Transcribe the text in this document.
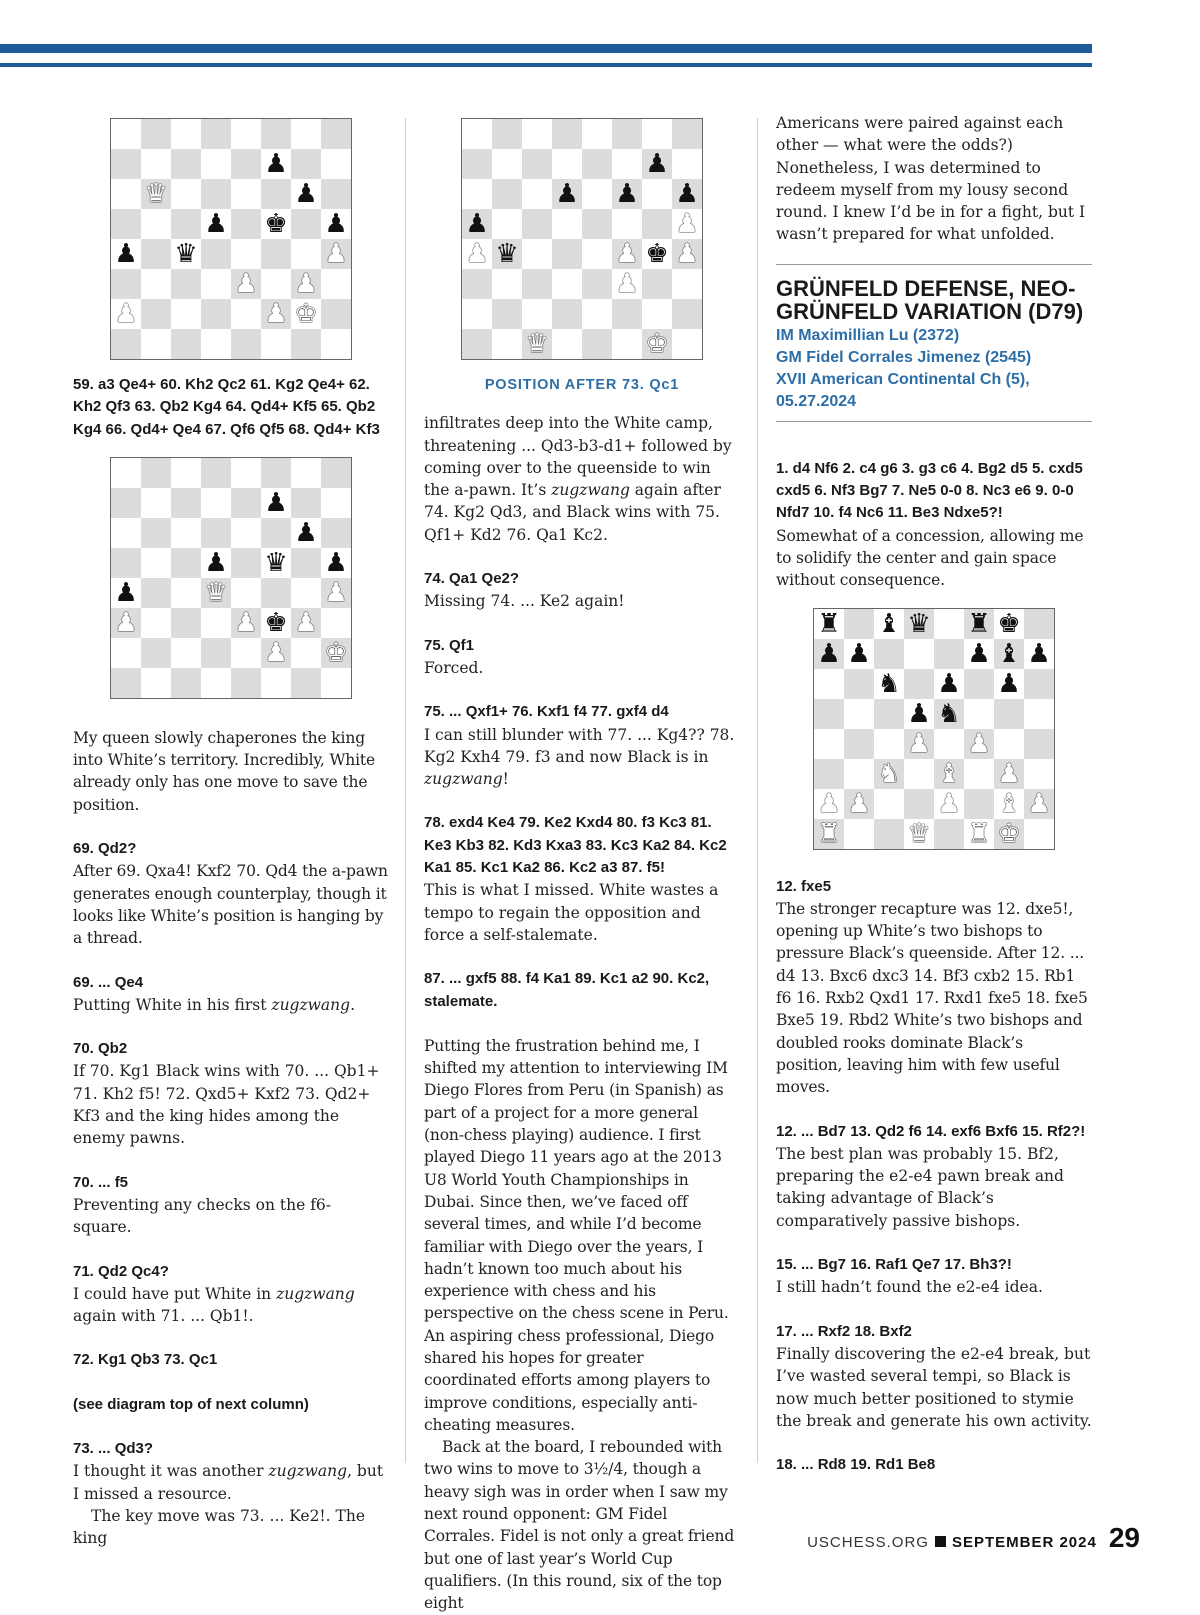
♟
♛	♟
♟ ♚ ♟
♟ ♛	♟
♟ ♟
♟	♟ ♚

59. a3 Qe4+ 60. Kh2 Qc2 61. Kg2 Qe4+ 62. Kh2 Qf3 63. Qb2 Kg4 64. Qd4+ Kf5 65. Qb2 Kg4 66. Qd4+ Qe4 67. Qf6 Qf5 68. Qd4+ Kf3

♟
♟
♟ ♛ ♟
♟	♛	♟
♟	♟ ♚ ♟
♟ ♚

My queen slowly chaperones the king into White’s territory. Incredibly, White already only has one move to save the position.

69. Qd2?

After 69. Qxa4! Kxf2 70. Qd4 the a-pawn generates enough counterplay, though it looks like White’s position is hanging by a thread.

69. ... Qe4

Putting White in his first zugzwang.

70. Qb2

If 70. Kg1 Black wins with 70. ... Qb1+ 71. Kh2 f5! 72. Qxd5+ Kxf2 73. Qd2+ Kf3 and the king hides among the enemy pawns.

70. ... f5

Preventing any checks on the f6-square.

71. Qd2 Qc4?

I could have put White in zugzwang again with 71. ... Qb1!.

72. Kg1 Qb3 73. Qc1

(see diagram top of next column)

73. ... Qd3?

I thought it was another zugzwang, but I missed a resource.

The key move was 73. ... Ke2!. The king

♟
♟ ♟ ♟
♟	♟
♟ ♛	♟ ♚ ♟
♟
♛	♚

POSITION AFTER 73. Qc1

infiltrates deep into the White camp, threatening ... Qd3-b3-d1+ followed by coming over to the queenside to win the a-pawn. It’s zugzwang again after 74. Kg2 Qd3, and Black wins with 75. Qf1+ Kd2 76. Qa1 Kc2.

74. Qa1 Qe2?

Missing 74. ... Ke2 again!

75. Qf1

Forced.

75. ... Qxf1+ 76. Kxf1 f4 77. gxf4 d4

I can still blunder with 77. ... Kg4?? 78. Kg2 Kxh4 79. f3 and now Black is in zugzwang!

78. exd4 Ke4 79. Ke2 Kxd4 80. f3 Kc3 81. Ke3 Kb3 82. Kd3 Kxa3 83. Kc3 Ka2 84. Kc2 Ka1 85. Kc1 Ka2 86. Kc2 a3 87. f5!

This is what I missed. White wastes a tempo to regain the opposition and force a self-stalemate.

87. ... gxf5 88. f4 Ka1 89. Kc1 a2 90. Kc2, stalemate.

Putting the frustration behind me, I shifted my attention to interviewing IM Diego Flores from Peru (in Spanish) as part of a project for a more general (non-chess playing) audience. I first played Diego 11 years ago at the 2013 U8 World Youth Championships in Dubai. Since then, we’ve faced off several times, and while I’d become familiar with Diego over the years, I hadn’t known too much about his experience with chess and his perspective on the chess scene in Peru. An aspiring chess professional, Diego shared his hopes for greater coordinated efforts among players to improve conditions, especially anti-cheating measures.

Back at the board, I rebounded with two wins to move to 3½/4, though a heavy sigh was in order when I saw my next round opponent: GM Fidel Corrales. Fidel is not only a great friend but one of last year’s World Cup qualifiers. (In this round, six of the top eight

Americans were paired against each other — what were the odds?) Nonetheless, I was determined to redeem myself from my lousy second round. I knew I’d be in for a fight, but I wasn’t prepared for what unfolded.

GRÜNFELD DEFENSE, NEO-GRÜNFELD VARIATION (D79)

IM Maximillian Lu (2372)

GM Fidel Corrales Jimenez (2545)

XVII American Continental Ch (5), 05.27.2024

1. d4 Nf6 2. c4 g6 3. g3 c6 4. Bg2 d5 5. cxd5 cxd5 6. Nf3 Bg7 7. Ne5 0-0 8. Nc3 e6 9. 0-0 Nfd7 10. f4 Nc6 11. Be3 Ndxe5?!

Somewhat of a concession, allowing me to solidify the center and gain space without consequence.

♜ ♝ ♛ ♜ ♚
♟ ♟	♟ ♝ ♟
♞ ♟ ♟
♟ ♞
♟ ♟
♞ ♝ ♟
♟ ♟	♟ ♝ ♟
♜	♛ ♜ ♚

12. fxe5

The stronger recapture was 12. dxe5!, opening up White’s two bishops to pressure Black’s queenside. After 12. ... d4 13. Bxc6 dxc3 14. Bf3 cxb2 15. Rb1 f6 16. Rxb2 Qxd1 17. Rxd1 fxe5 18. fxe5 Bxe5 19. Rbd2 White’s two bishops and doubled rooks dominate Black’s position, leaving him with few useful moves.

12. ... Bd7 13. Qd2 f6 14. exf6 Bxf6 15. Rf2?!

The best plan was probably 15. Bf2, preparing the e2-e4 pawn break and taking advantage of Black’s comparatively passive bishops.

15. ... Bg7 16. Raf1 Qe7 17. Bh3?!

I still hadn’t found the e2-e4 idea.

17. ... Rxf2 18. Bxf2

Finally discovering the e2-e4 break, but I’ve wasted several tempi, so Black is now much better positioned to stymie the break and generate his own activity.

18. ... Rd8 19. Rd1 Be8

USCHESS.ORG SEPTEMBER 2024 29
